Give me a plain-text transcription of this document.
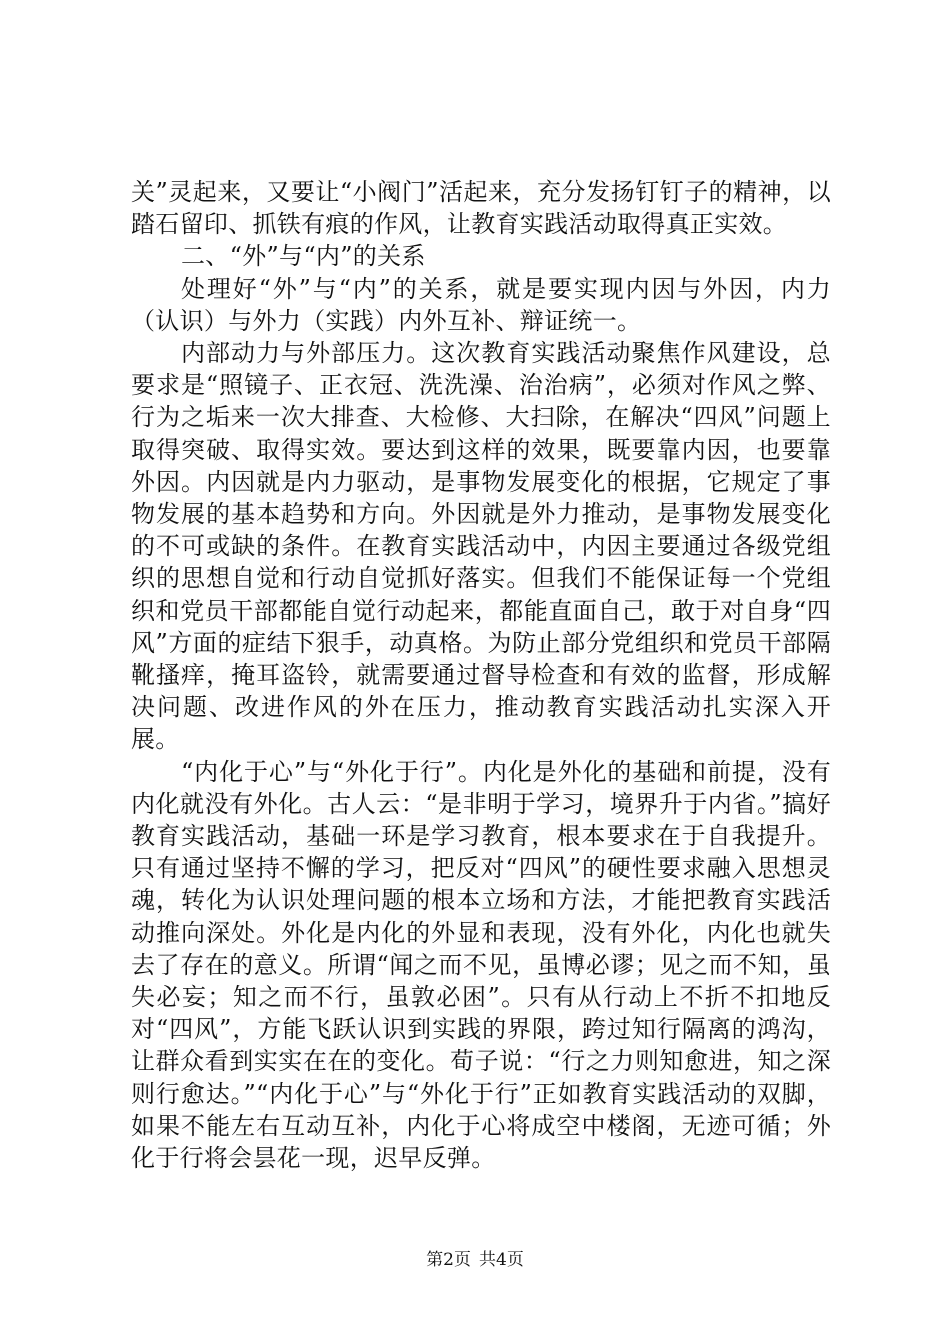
关”灵起来，又要让“小阀门”活起来，充分发扬钉钉子的精神，以踏石留印、抓铁有痕的作风，让教育实践活动取得真正实效。

二、“外”与“内”的关系

处理好“外”与“内”的关系，就是要实现内因与外因，内力（认识）与外力（实践）内外互补、辩证统一。

内部动力与外部压力。这次教育实践活动聚焦作风建设，总要求是“照镜子、正衣冠、洗洗澡、治治病”，必须对作风之弊、行为之垢来一次大排查、大检修、大扫除，在解决“四风”问题上取得突破、取得实效。要达到这样的效果，既要靠内因，也要靠外因。内因就是内力驱动，是事物发展变化的根据，它规定了事物发展的基本趋势和方向。外因就是外力推动，是事物发展变化的不可或缺的条件。在教育实践活动中，内因主要通过各级党组织的思想自觉和行动自觉抓好落实。但我们不能保证每一个党组织和党员干部都能自觉行动起来，都能直面自己，敢于对自身“四风”方面的症结下狠手，动真格。为防止部分党组织和党员干部隔靴搔痒，掩耳盗铃，就需要通过督导检查和有效的监督，形成解决问题、改进作风的外在压力，推动教育实践活动扎实深入开展。

“内化于心”与“外化于行”。内化是外化的基础和前提，没有内化就没有外化。古人云：“是非明于学习，境界升于内省。”搞好教育实践活动，基础一环是学习教育，根本要求在于自我提升。只有通过坚持不懈的学习，把反对“四风”的硬性要求融入思想灵魂，转化为认识处理问题的根本立场和方法，才能把教育实践活动推向深处。外化是内化的外显和表现，没有外化，内化也就失去了存在的意义。所谓“闻之而不见，虽博必谬；见之而不知，虽失必妄；知之而不行，虽敦必困”。只有从行动上不折不扣地反对“四风”，方能飞跃认识到实践的界限，跨过知行隔离的鸿沟，让群众看到实实在在的变化。荀子说：“行之力则知愈进，知之深则行愈达。”“内化于心”与“外化于行”正如教育实践活动的双脚，如果不能左右互动互补，内化于心将成空中楼阁，无迹可循；外化于行将会昙花一现，迟早反弹。

第2页 共4页
